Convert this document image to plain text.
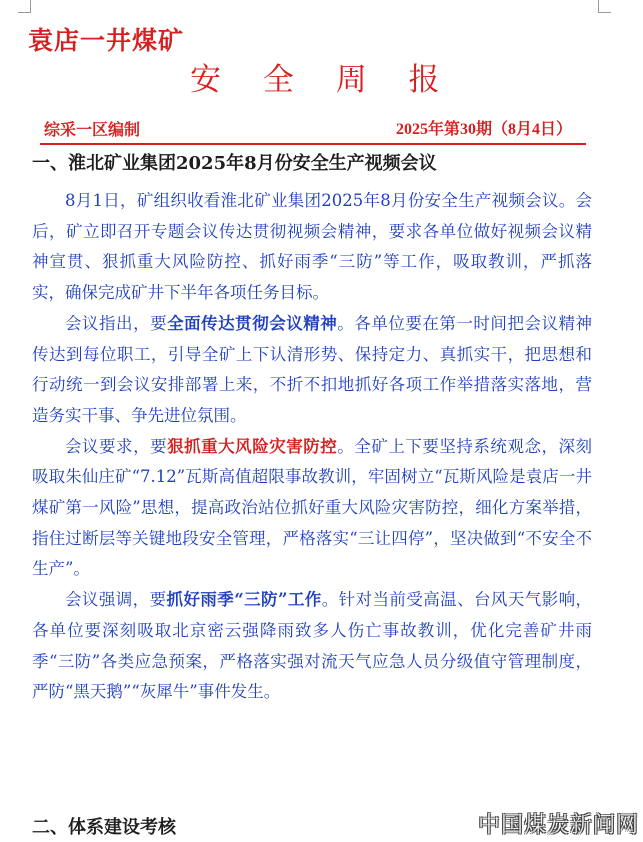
袁店一井煤矿
安 全 周 报
综采一区编制	2025年第30期（8月4日）
一、淮北矿业集团2025年8月份安全生产视频会议

8月1日，矿组织收看淮北矿业集团2025年8月份安全生产视频会议。会后，矿立即召开专题会议传达贯彻视频会精神，要求各单位做好视频会议精神宣贯、狠抓重大风险防控、抓好雨季“三防”等工作，吸取教训，严抓落实，确保完成矿井下半年各项任务目标。

会议指出，要全面传达贯彻会议精神。各单位要在第一时间把会议精神传达到每位职工，引导全矿上下认清形势、保持定力、真抓实干，把思想和行动统一到会议安排部署上来，不折不扣地抓好各项工作举措落实落地，营造务实干事、争先进位氛围。

会议要求，要狠抓重大风险灾害防控。全矿上下要坚持系统观念，深刻吸取朱仙庄矿“7.12”瓦斯高值超限事故教训，牢固树立“瓦斯风险是袁店一井煤矿第一风险”思想，提高政治站位抓好重大风险灾害防控，细化方案举措，指住过断层等关键地段安全管理，严格落实“三让四停”，坚决做到“不安全不生产”。

会议强调，要抓好雨季“三防”工作。针对当前受高温、台风天气影响，各单位要深刻吸取北京密云强降雨致多人伤亡事故教训，优化完善矿井雨季“三防”各类应急预案，严格落实强对流天气应急人员分级值守管理制度，严防“黑天鹅”“灰犀牛”事件发生。

二、体系建设考核	中国煤炭新闻网
